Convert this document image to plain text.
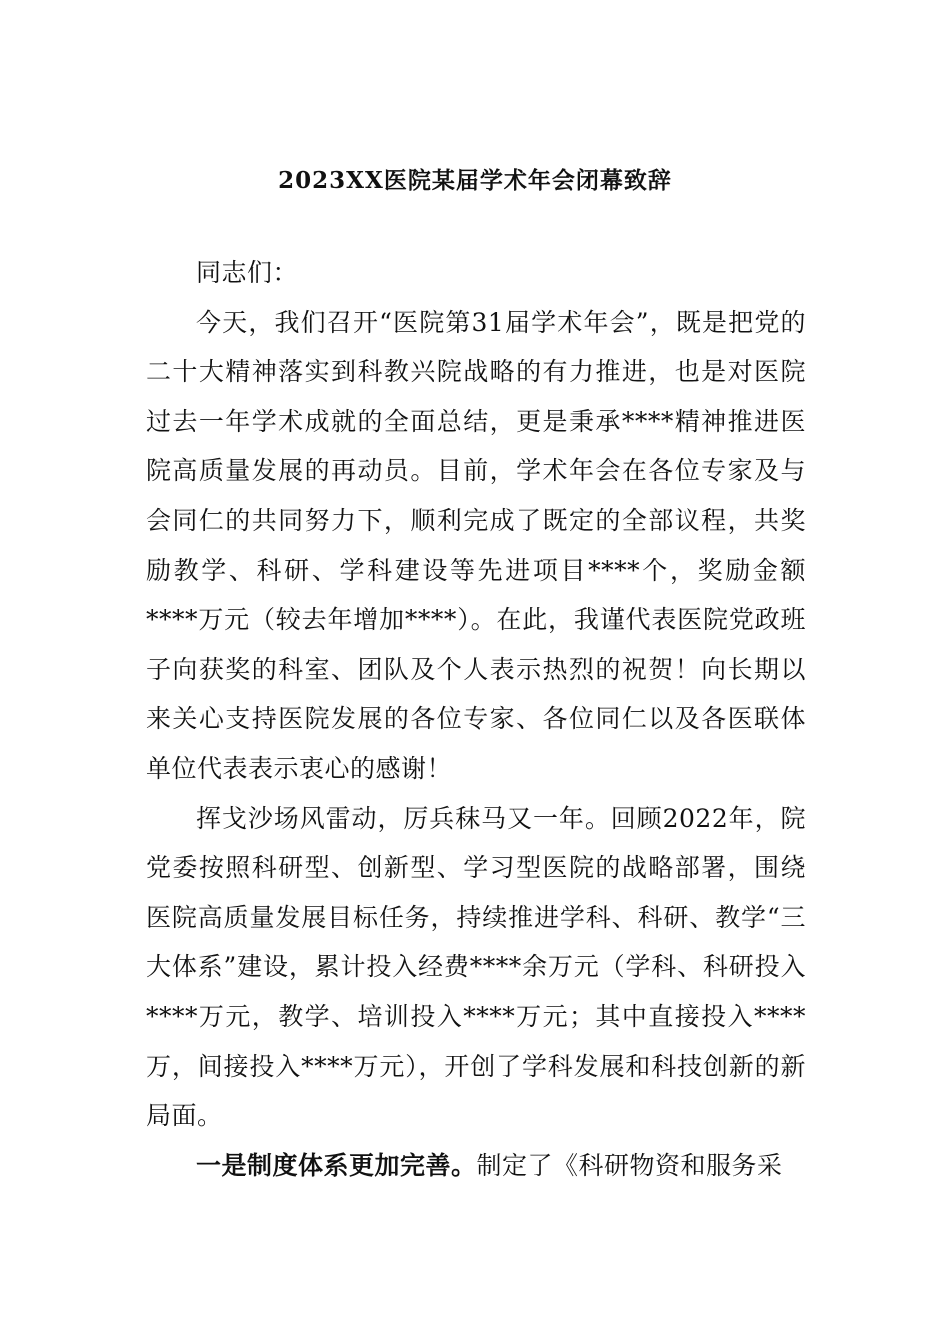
2023XX医院某届学术年会闭幕致辞

同志们：

今天，我们召开“医院第31届学术年会”，既是把党的二十大精神落实到科教兴院战略的有力推进，也是对医院过去一年学术成就的全面总结，更是秉承****精神推进医院高质量发展的再动员。目前，学术年会在各位专家及与会同仁的共同努力下，顺利完成了既定的全部议程，共奖励教学、科研、学科建设等先进项目****个，奖励金额****万元（较去年增加****）。在此，我谨代表医院党政班子向获奖的科室、团队及个人表示热烈的祝贺！向长期以来关心支持医院发展的各位专家、各位同仁以及各医联体单位代表表示衷心的感谢！

挥戈沙场风雷动，厉兵秣马又一年。回顾2022年，院党委按照科研型、创新型、学习型医院的战略部署，围绕医院高质量发展目标任务，持续推进学科、科研、教学“三大体系”建设，累计投入经费****余万元（学科、科研投入****万元，教学、培训投入****万元；其中直接投入****万，间接投入****万元），开创了学科发展和科技创新的新局面。

一是制度体系更加完善。制定了《科研物资和服务采
